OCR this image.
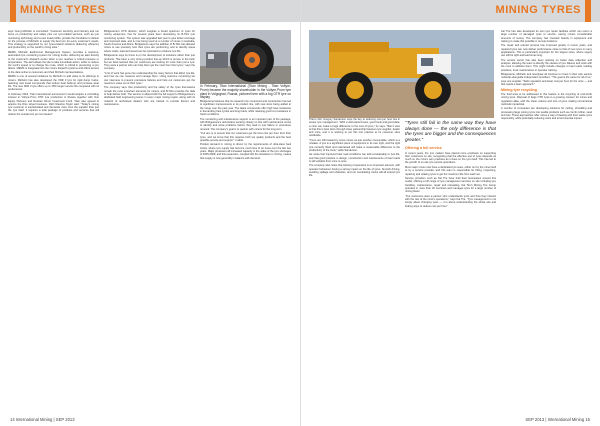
MINING TYRES

says Young Michelin is committed: "Customer centricity and intimacy and our focus on productivity and safety plus our tyre-related services, such as tyre monitoring technology and a new tread profile, provide the foundation to deliver on the promise of Michelin to supply the best tyre for every customer's needs. This strategy is supported by our tyres-related solutions delivering efficiency and productivity on the world's mining sites."

MEMS, Michelin Earthmover Management System, provides a real-time, automated tyre monitoring system for mining trucks, delivering an alert directly to the customer's dispatch center when a tyre reaches a critical pressure or temperature. The alert allows the site to take immediate action, either to reduce the truck's speed or to change the route, which is critical in preventing a tyre failure. MEMS is integrated into the mine's dispatch systems and offers access to the data online to customers and their Michelin representatives.

MEMS is one of several initiatives by Michelin to add value to its offerings to miners. Michelin has also developed the XDR 3 tyre for rigid dump trucks, featuring new tread compounds that reduce heat build-up and increase wear life. The new XDR 3 tyre offers up to 15% longer service life compared with its predecessor.

In February 2013, Titan International announced it would acquire a controlling interest in Voltyre-Prom OTR tyre production in Russia together with One Equity Partners and Russian Direct Investment Fund. Titan also agreed to acquire the Dico wheel business. CEO Maurice Taylor said: "Today's mining tyre customer is sophisticated and demands more from the supplier than just the tyre itself. It requires a total package of products and services that will reduce the overall cost per ton hauled."

Bridgestone's OTR division, which supplies a broad spectrum of tyres for mining equipment, has for several years been developing its B-TAG tyre monitoring system. The system was upgraded last year to give better coverage and improved data, and is now being used at a number of mines in Australia, South America and Africa. Bridgestone says the addition of B-TAG has allowed mines to see precisely how their tyres are performing, and to identify areas where roads, load and speed can be optimised to enhance tyre life.

Bridgestone says its focus is on the development of solutions rather than just products. "We have a very strong product line-up which is proven in the field, but we have learned that our customers are looking for more than just a tyre. They want a partner who can help them get the most from their tyres," says the company.

"A lot of work has gone into understanding the many factors that affect tyre life, and how we can measure and manage them. Using real-time monitoring we can intervene to prevent premature failures and help our customers get the maximum value out of their tyres."

The company says that productivity and the safety of the tyres themselves remain the most important elements for miners, and B-TAG provides the data to help deliver both. The service is offered with the full support of Bridgestone's dedicated field engineering teams in every major mining region, along with its network of authorised dealers who are trained to provide fitment and maintenance.

In February, Titan International (Titan Mining - Titan Voltyre-Prom) became the majority shareholder in the Voltyre-Prom tyre plant in Volgograd, Russia, pictured here with a big OTR tyre on display

Bridgestone believes that its research into compound and construction has led to significant improvements in its product line, with new sizes being added to the range over the past year. The latest compounds offer high heat resistance in demanding haul cycles and long hauls, while retaining good cut resistance in harsh conditions.

The monitoring and maintenance support is an important part of the package, with Bridgestone's technicians working closely on site with maintenance crews to identify and solve problems before they lead to tyre failure or premature removal. The company's goal is to partner with miners for the long term.

"Our aim is to ensure that our customers get the best cost per hour from their tyres, and we know that this requires both top quality products and the best possible service and support," it adds.

Product demand in mining is driven by the requirements of ultra-class haul trucks, where tyre supply has become much less of an issue over the last two years. Major producers all increased capacity in the wake of the tyre shortages of 2005-2008, and this expansion, coupled with the slowdown in mining, means that supply is now generally in balance with demand.

14 International Mining | SEP 2013
MINING TYRES

Titan's GM, Gregory Sanderson says the key to reducing cost per hour lies in proper tyre management. "With a well-trained team, good tools and good data, a mine can make a huge difference to the cost of tyres," he says. Titan's view is that this is best done through close partnership between tyre supplier, dealer and mine, and it is working to put this into practice at its customer sites worldwide.

"Tyres are still treated by some mines as just another consumable, which is a mistake. A tyre is a significant piece of equipment in its own right, and the right tyre correctly fitted and maintained will make a measurable difference to the productivity of the truck," adds Sanderson.

He notes that improved haul road conditions can add considerably to tyre life, and that good practice in design, construction and maintenance of haul roads is still variable from mine to mine.

The company also notes that training of operators is an important element, with operator behaviour having a strong impact on the life of tyres. Smooth driving, avoiding spillage and obstacles, and not overloading trucks will all extend tyre life.

"Tyres still fail in the same way they have always done — the only difference is that the tyres are bigger and the consequences greater."
Offering a full service

In recent years, the tyre makers have placed more emphasis on supporting their customers on site, recognising that the effective use of tyres depends as much on the mine's own practices as it does on the tyre itself. This has led to the growth of on-site tyre service operations.

Most major mines now have a dedicated tyre team, either run by the mine itself or by a service provider, and this team is responsible for fitting, inspecting, repairing and rotating tyres to get the maximum life from each set.

Service providers such as Kal Tire have built their businesses around this model, offering a full range of tyre management services on site including tyre handling, maintenance, repair and retreading. Kal Tire's Mining Tire Group operates in more than 20 countries and manages tyres for a large number of mining fleets.

"Our customers want a partner who understands tyres and how they interact with the rest of the mine's operations," says Kal Tire. "Tyre management is not simply about changing tyres — it is about understanding the whole site and finding ways to reduce cost per hour."

Kal Tire has also developed its own tyre repair facilities which can return a large number of damaged tyres to service, saving miners considerable amounts of money. The company has invested heavily in equipment and training to make this possible in remote locations.

The repair and retread process has improved greatly in recent years, and repaired tyres can now deliver performance close to that of new tyres in many applications. This is particularly important for the largest sizes, where supply can still be tight and lead times long.

The service sector has also been working on better data collection and analysis, allowing the team to identify the causes of tyre failures and work with the mine to address them. This might include changes to haul roads, loading practices, truck maintenance or operator training.

Bridgestone, Michelin and Goodyear all continue to invest in their own service networks alongside independent providers. "The goal is the same for all of us," says one supplier. "Safer operation and lower cost per hour for the mine — and that needs a team approach."

Mining tyre recycling

The final area to be addressed in this feature is the recycling of end-of-life mining tyres. Disposal of large OTR tyres is a growing concern for mines and regulators alike, with the sheer volume and size of tyres making conventional methods impractical.

A number of companies are developing solutions for cutting, shredding and processing large mining tyres into usable products such as crumb rubber, steel and fuel. These approaches offer mines a way of dealing with their waste tyres responsibly, while potentially reducing costs and environmental impact.

SEP 2013 | International Mining 15
